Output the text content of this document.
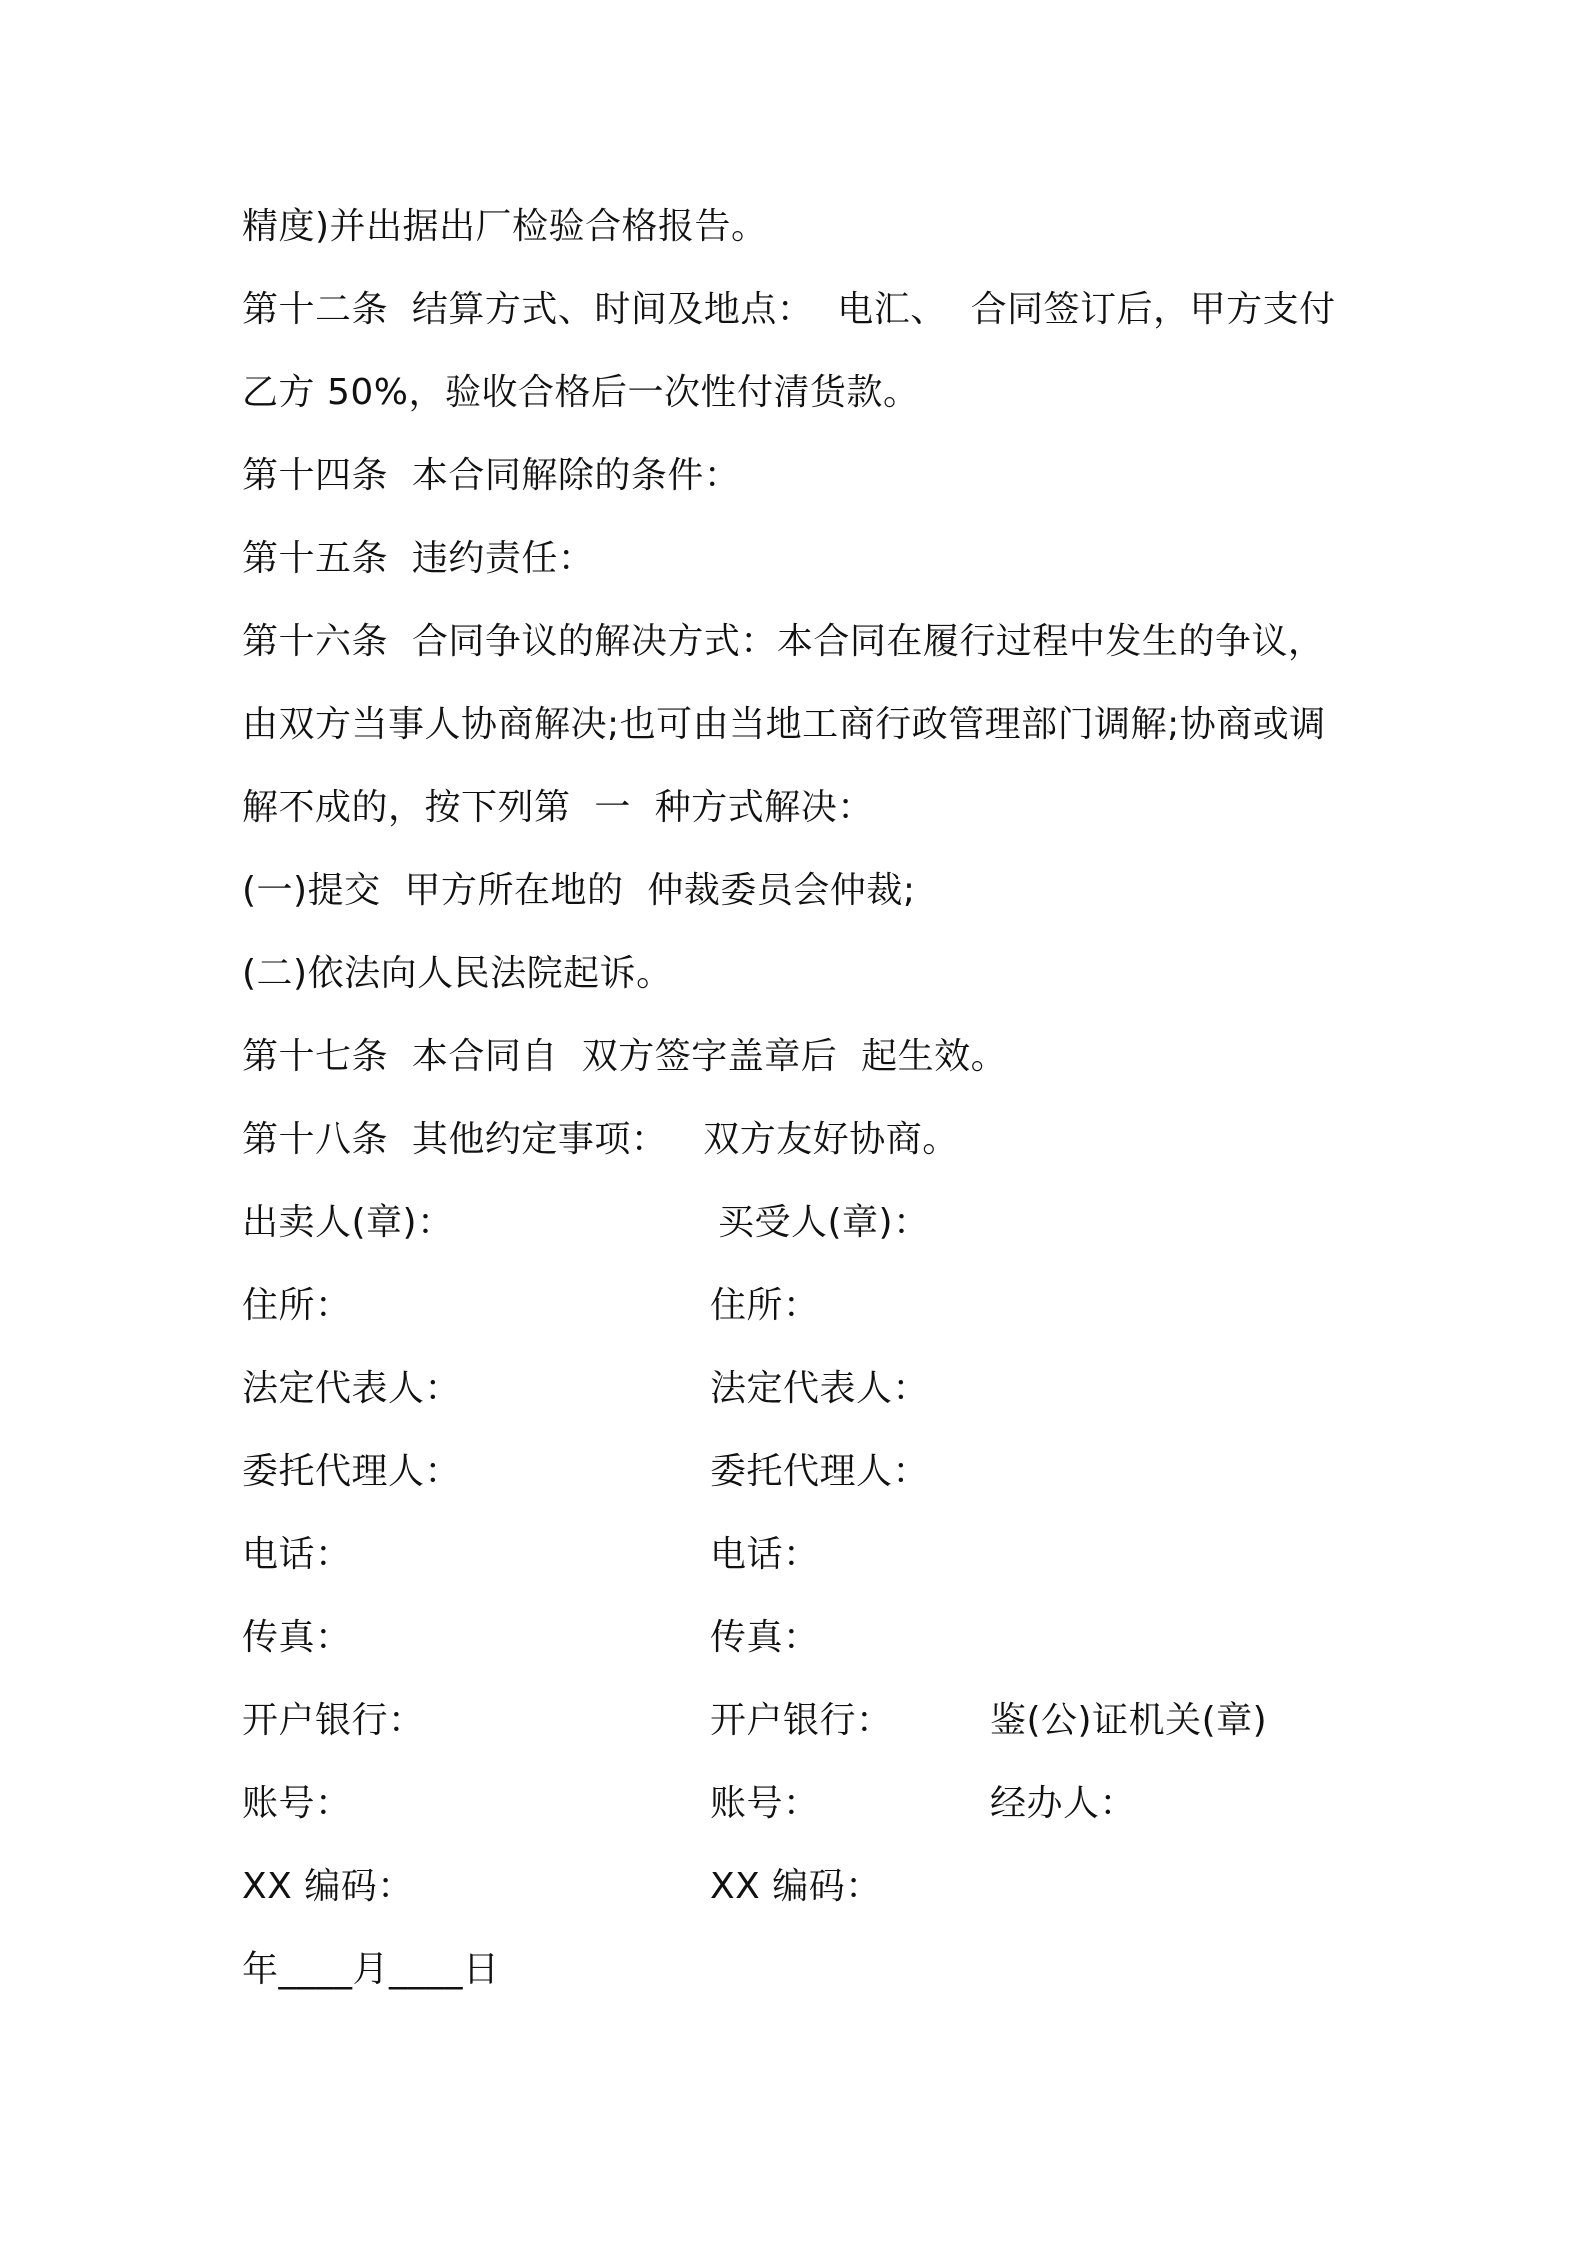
精度)并出据出厂检验合格报告。
第十二条  结算方式、时间及地点：  电汇、  合同签订后，甲方支付
乙方 50%，验收合格后一次性付清货款。
第十四条  本合同解除的条件：
第十五条  违约责任：
第十六条  合同争议的解决方式：本合同在履行过程中发生的争议，
由双方当事人协商解决;也可由当地工商行政管理部门调解;协商或调
解不成的，按下列第  一  种方式解决：
(一)提交  甲方所在地的  仲裁委员会仲裁;
(二)依法向人民法院起诉。
第十七条  本合同自  双方签字盖章后  起生效。
第十八条  其他约定事项：   双方友好协商。
出卖人(章)：	买受人(章)：
住所：	住所：
法定代表人：	法定代表人：
委托代理人：	委托代理人：
电话：	电话：
传真：	传真：
开户银行：	开户银行：	鉴(公)证机关(章)
账号：	账号：	经办人：
XX 编码：	XX 编码：
年____月____日
